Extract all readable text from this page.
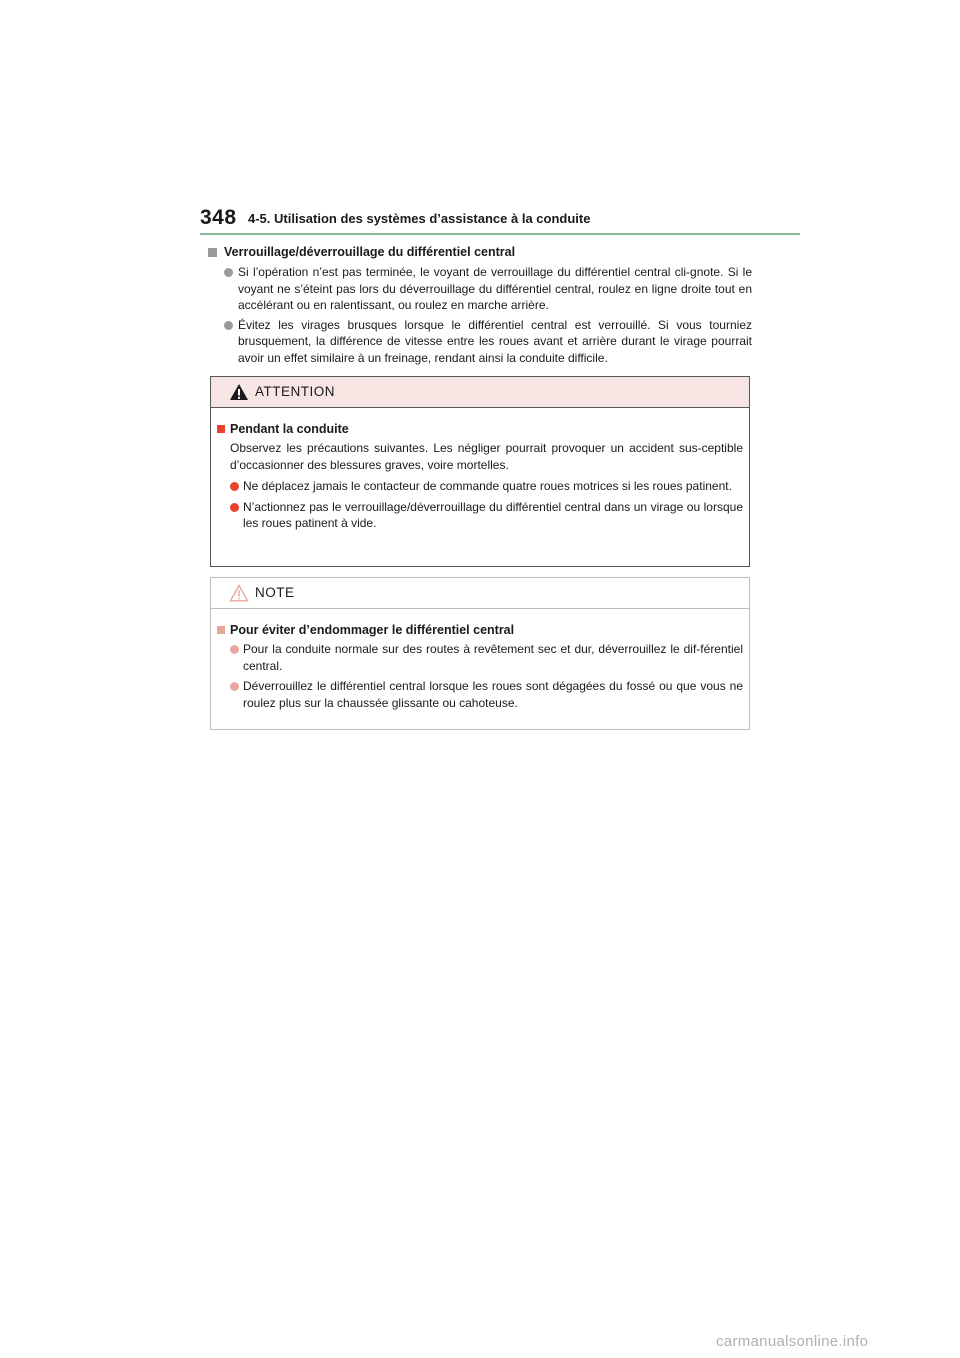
348 4-5. Utilisation des systèmes d’assistance à la conduite
Verrouillage/déverrouillage du différentiel central
Si l’opération n’est pas terminée, le voyant de verrouillage du différentiel central cli-gnote. Si le voyant ne s’éteint pas lors du déverrouillage du différentiel central, roulez en ligne droite tout en accélérant ou en ralentissant, ou roulez en marche arrière.
Évitez les virages brusques lorsque le différentiel central est verrouillé. Si vous tourniez brusquement, la différence de vitesse entre les roues avant et arrière durant le virage pourrait avoir un effet similaire à un freinage, rendant ainsi la conduite difficile.
ATTENTION
Pendant la conduite
Observez les précautions suivantes. Les négliger pourrait provoquer un accident sus-ceptible d’occasionner des blessures graves, voire mortelles.
Ne déplacez jamais le contacteur de commande quatre roues motrices si les roues patinent.
N’actionnez pas le verrouillage/déverrouillage du différentiel central dans un virage ou lorsque les roues patinent à vide.
NOTE
Pour éviter d’endommager le différentiel central
Pour la conduite normale sur des routes à revêtement sec et dur, déverrouillez le dif-férentiel central.
Déverrouillez le différentiel central lorsque les roues sont dégagées du fossé ou que vous ne roulez plus sur la chaussée glissante ou cahoteuse.
carmanualsonline.info
